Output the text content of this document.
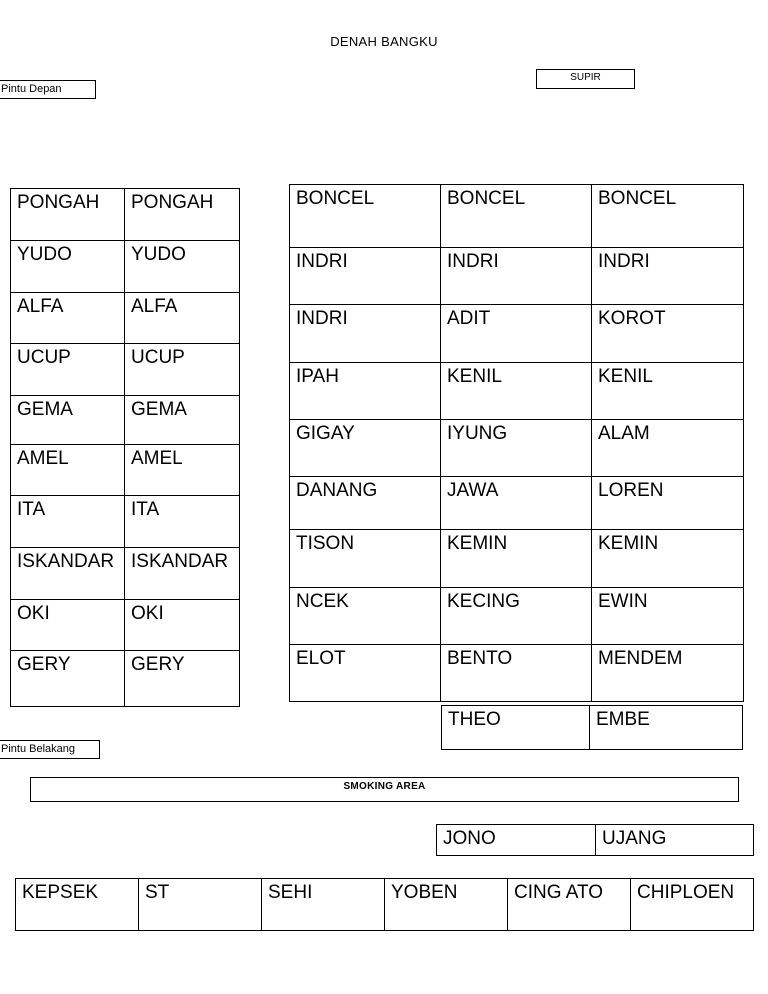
DENAH BANGKU
Pintu Depan
SUPIR
Pintu Belakang
PONGAH	PONGAH

YUDO	YUDO

ALFA	ALFA

UCUP	UCUP

GEMA	GEMA

AMEL	AMEL

ITA	ITA

ISKANDAR	ISKANDAR

OKI	OKI

GERY	GERY
BONCEL	BONCEL	BONCEL

INDRI	INDRI	INDRI

INDRI	ADIT	KOROT

IPAH	KENIL	KENIL

GIGAY	IYUNG	ALAM

DANANG	JAWA	LOREN

TISON	KEMIN	KEMIN

NCEK	KECING	EWIN

ELOT	BENTO	MENDEM
THEO	EMBE
SMOKING AREA
JONO	UJANG
KEPSEK	ST	SEHI	YOBEN	CING ATO	CHIPLOEN
